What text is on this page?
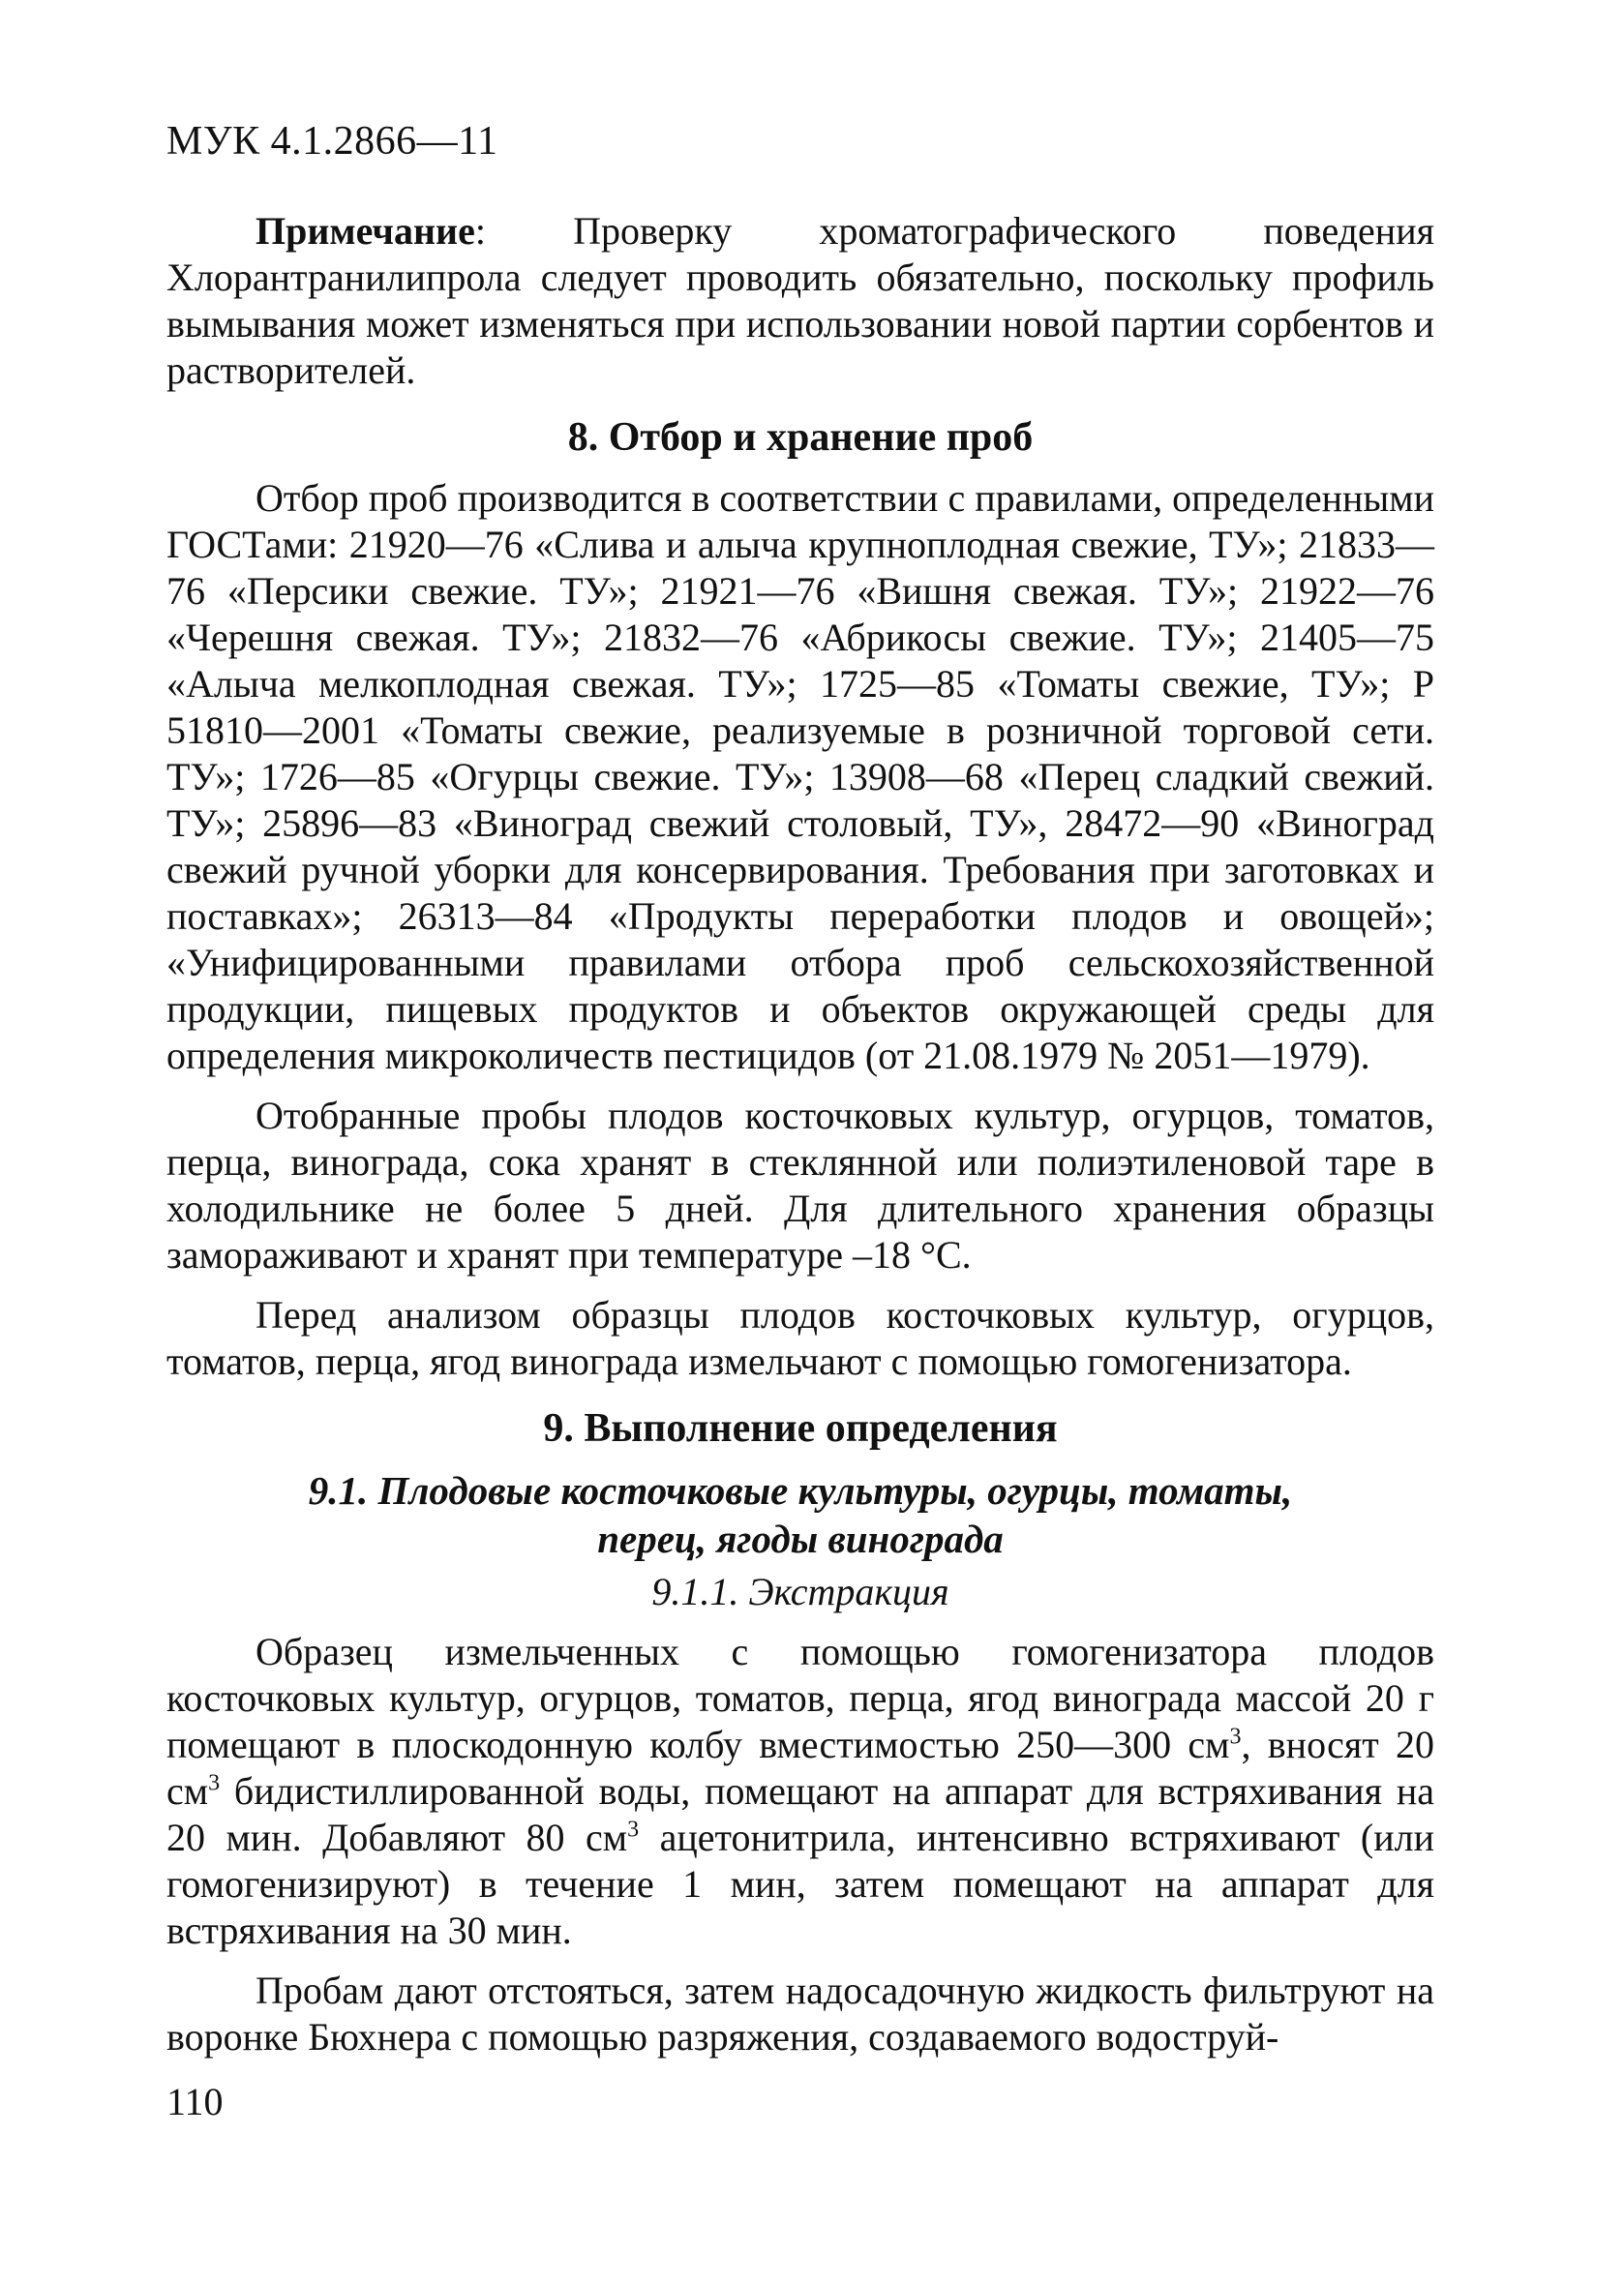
МУК 4.1.2866—11

Примечание: Проверку хроматографического поведения Хлорантранилипрола следует проводить обязательно, поскольку профиль вымывания может изменяться при использовании новой партии сорбентов и растворителей.

8. Отбор и хранение проб

Отбор проб производится в соответствии с правилами, определенными ГОСТами: 21920—76 «Слива и алыча крупноплодная свежие, ТУ»; 21833—76 «Персики свежие. ТУ»; 21921—76 «Вишня свежая. ТУ»; 21922—76 «Черешня свежая. ТУ»; 21832—76 «Абрикосы свежие. ТУ»; 21405—75 «Алыча мелкоплодная свежая. ТУ»; 1725—85 «Томаты свежие, ТУ»; Р 51810—2001 «Томаты свежие, реализуемые в розничной торговой сети. ТУ»; 1726—85 «Огурцы свежие. ТУ»; 13908—68 «Перец сладкий свежий. ТУ»; 25896—83 «Виноград свежий столовый, ТУ», 28472—90 «Виноград свежий ручной уборки для консервирования. Требования при заготовках и поставках»; 26313—84 «Продукты переработки плодов и овощей»; «Унифицированными правилами отбора проб сельскохозяйственной продукции, пищевых продуктов и объектов окружающей среды для определения микроколичеств пестицидов (от 21.08.1979 № 2051—1979).

Отобранные пробы плодов косточковых культур, огурцов, томатов, перца, винограда, сока хранят в стеклянной или полиэтиленовой таре в холодильнике не более 5 дней. Для длительного хранения образцы замораживают и хранят при температуре –18 °С.

Перед анализом образцы плодов косточковых культур, огурцов, томатов, перца, ягод винограда измельчают с помощью гомогенизатора.

9. Выполнение определения
9.1. Плодовые косточковые культуры, огурцы, томаты,
перец, ягоды винограда
9.1.1. Экстракция

Образец измельченных с помощью гомогенизатора плодов косточковых культур, огурцов, томатов, перца, ягод винограда массой 20 г помещают в плоскодонную колбу вместимостью 250—300 $см^3$, вносят 20 $см^3$ бидистиллированной воды, помещают на аппарат для встряхивания на 20 мин. Добавляют 80 $см^3$ ацетонитрила, интенсивно встряхивают (или гомогенизируют) в течение 1 мин, затем помещают на аппарат для встряхивания на 30 мин.

Пробам дают отстояться, затем надосадочную жидкость фильтруют на воронке Бюхнера с помощью разряжения, создаваемого водоструй-

110
